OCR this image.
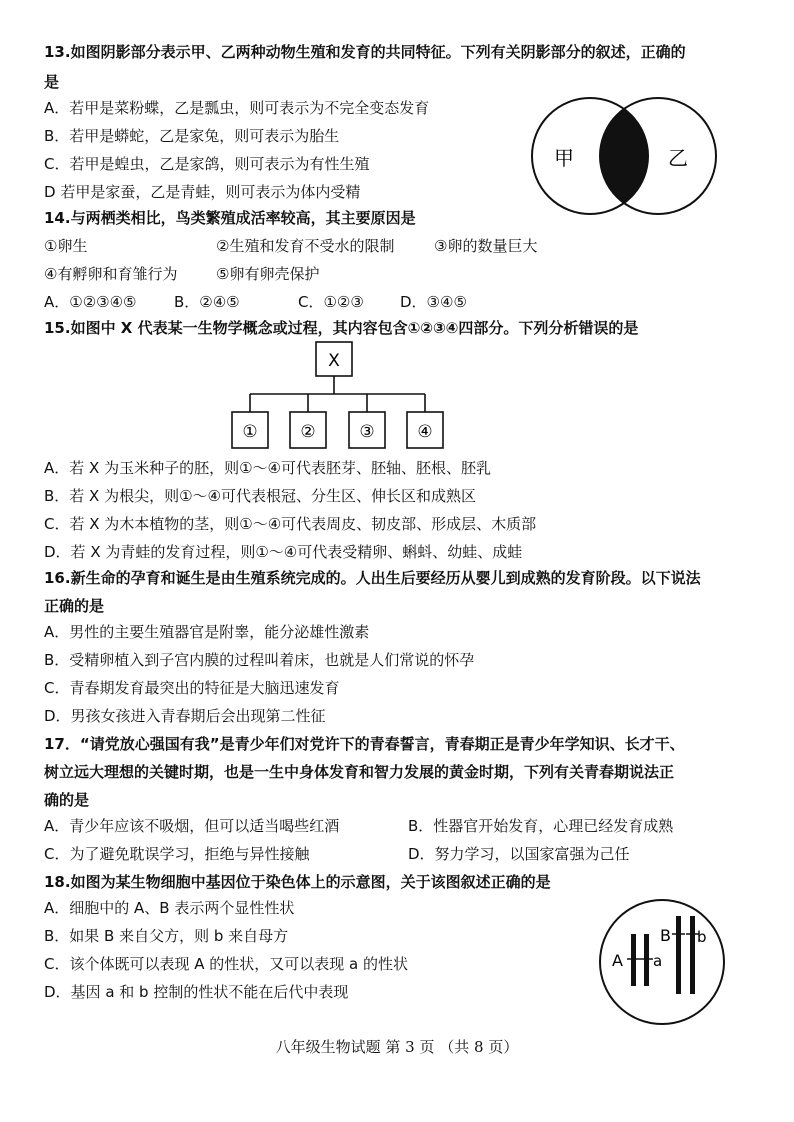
13.如图阴影部分表示甲、乙两种动物生殖和发育的共同特征。下列有关阴影部分的叙述，正确的
是
A．若甲是菜粉蝶，乙是瓢虫，则可表示为不完全变态发育
B．若甲是蟒蛇，乙是家兔，则可表示为胎生
C．若甲是蝗虫，乙是家鸽，则可表示为有性生殖
D 若甲是家蚕，乙是青蛙，则可表示为体内受精
甲	乙
14.与两栖类相比，鸟类繁殖成活率较高，其主要原因是
①卵生	②生殖和发育不受水的限制	③卵的数量巨大
④有孵卵和育雏行为	⑤卵有卵壳保护
A．①②③④⑤	B．②④⑤	C．①②③ D．③④⑤
15.如图中 X 代表某一生物学概念或过程，其内容包含①②③④四部分。下列分析错误的是
X
①	②	③	④
A．若 X 为玉米种子的胚，则①～④可代表胚芽、胚轴、胚根、胚乳
B．若 X 为根尖，则①～④可代表根冠、分生区、伸长区和成熟区
C．若 X 为木本植物的茎，则①～④可代表周皮、韧皮部、形成层、木质部
D．若 X 为青蛙的发育过程，则①～④可代表受精卵、蝌蚪、幼蛙、成蛙
16.新生命的孕育和诞生是由生殖系统完成的。人出生后要经历从婴儿到成熟的发育阶段。以下说法
正确的是
A．男性的主要生殖器官是附睾，能分泌雄性激素
B．受精卵植入到子宫内膜的过程叫着床，也就是人们常说的怀孕
C．青春期发育最突出的特征是大脑迅速发育
D．男孩女孩进入青春期后会出现第二性征
17．“请党放心强国有我”是青少年们对党许下的青春誓言，青春期正是青少年学知识、长才干、
树立远大理想的关键时期，也是一生中身体发育和智力发展的黄金时期，下列有关青春期说法正
确的是
A．青少年应该不吸烟，但可以适当喝些红酒	B．性器官开始发育，心理已经发育成熟
C．为了避免耽误学习，拒绝与异性接触	D．努力学习，以国家富强为己任
18.如图为某生物细胞中基因位于染色体上的示意图，关于该图叙述正确的是
A．细胞中的 A、B 表示两个显性性状
B．如果 B 来自父方，则 b 来自母方
C．该个体既可以表现 A 的性状，又可以表现 a 的性状
D．基因 a 和 b 控制的性状不能在后代中表现
A a
B b
八年级生物试题 第 3 页 （共 8 页）
